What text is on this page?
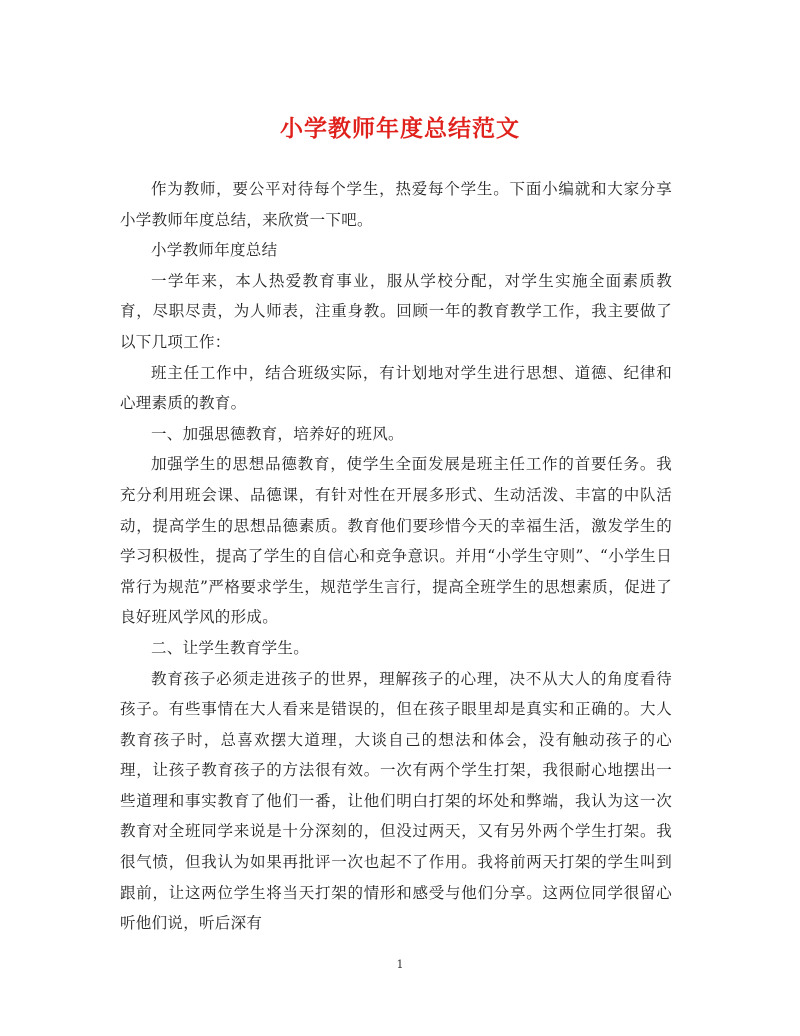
小学教师年度总结范文

作为教师，要公平对待每个学生，热爱每个学生。下面小编就和大家分享小学教师年度总结，来欣赏一下吧。

小学教师年度总结

一学年来，本人热爱教育事业，服从学校分配，对学生实施全面素质教育，尽职尽责，为人师表，注重身教。回顾一年的教育教学工作，我主要做了以下几项工作：

班主任工作中，结合班级实际，有计划地对学生进行思想、道德、纪律和心理素质的教育。

一、加强思德教育，培养好的班风。

加强学生的思想品德教育，使学生全面发展是班主任工作的首要任务。我充分利用班会课、品德课，有针对性在开展多形式、生动活泼、丰富的中队活动，提高学生的思想品德素质。教育他们要珍惜今天的幸福生活，激发学生的学习积极性，提高了学生的自信心和竞争意识。并用“小学生守则”、“小学生日常行为规范”严格要求学生，规范学生言行，提高全班学生的思想素质，促进了良好班风学风的形成。

二、让学生教育学生。

教育孩子必须走进孩子的世界，理解孩子的心理，决不从大人的角度看待孩子。有些事情在大人看来是错误的，但在孩子眼里却是真实和正确的。大人教育孩子时，总喜欢摆大道理，大谈自己的想法和体会，没有触动孩子的心理，让孩子教育孩子的方法很有效。一次有两个学生打架，我很耐心地摆出一些道理和事实教育了他们一番，让他们明白打架的坏处和弊端，我认为这一次教育对全班同学来说是十分深刻的，但没过两天，又有另外两个学生打架。我很气愤，但我认为如果再批评一次也起不了作用。我将前两天打架的学生叫到跟前，让这两位学生将当天打架的情形和感受与他们分享。这两位同学很留心听他们说，听后深有

1
